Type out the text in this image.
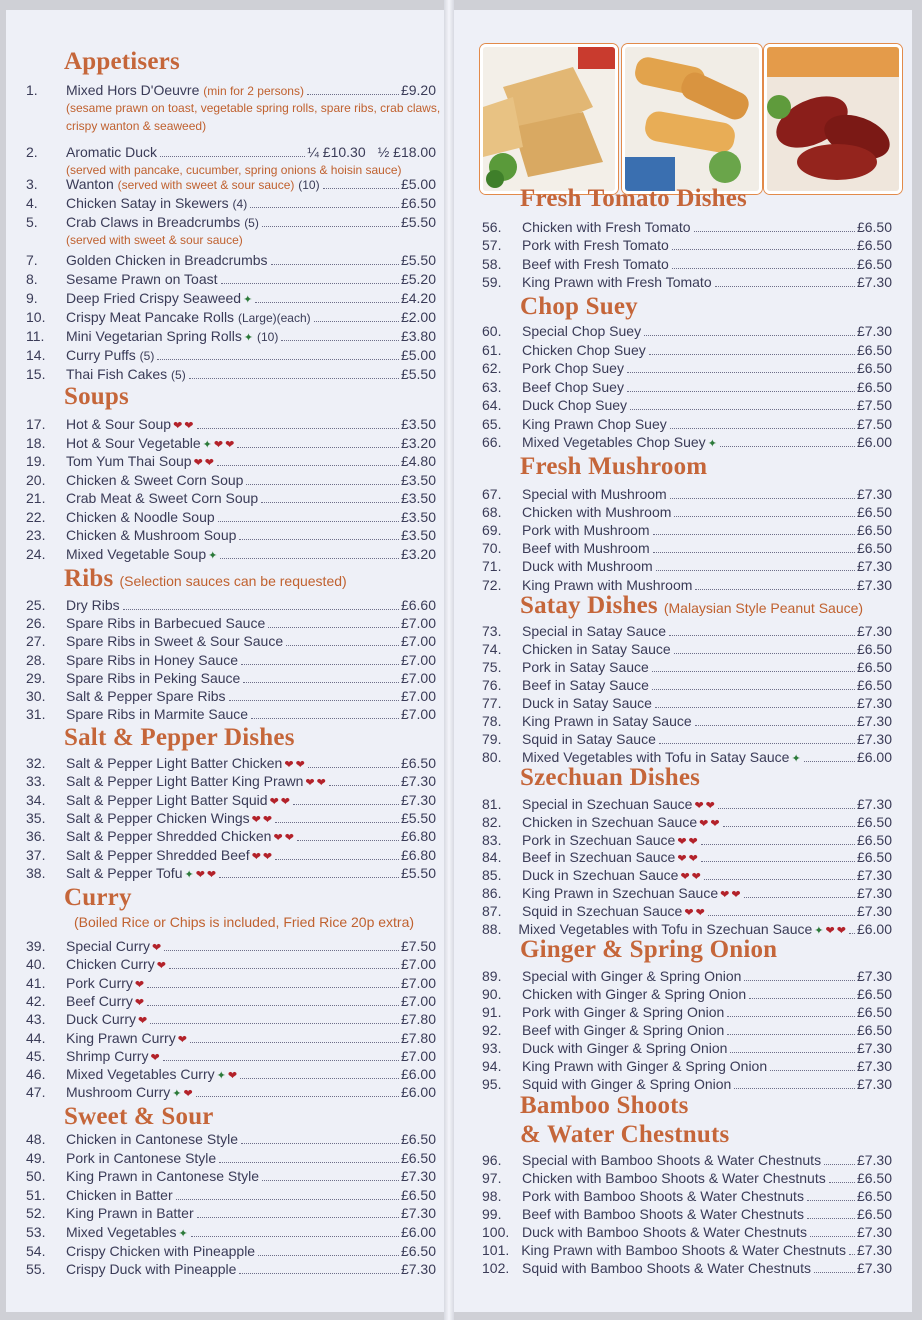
Appetisers
1.	Mixed Hors D'Oeuvre (min for 2 persons)	£9.20
(sesame prawn on toast, vegetable spring rolls, spare ribs, crab claws,
crispy wanton & seaweed)
2.	Aromatic Duck	¼ £10.30 ½ £18.00
(served with pancake, cucumber, spring onions & hoisin sauce)
3.	Wanton (served with sweet & sour sauce) (10)	£5.00
4.	Chicken Satay in Skewers (4)	£6.50
5.	Crab Claws in Breadcrumbs (5)	£5.50
(served with sweet & sour sauce)
7.	Golden Chicken in Breadcrumbs	£5.50
8.	Sesame Prawn on Toast	£5.20
9.	Deep Fried Crispy Seaweed ✦	£4.20
10.	Crispy Meat Pancake Rolls (Large)(each)	£2.00
11.	Mini Vegetarian Spring Rolls ✦ (10)	£3.80
14.	Curry Puffs (5)	£5.00
15.	Thai Fish Cakes (5)	£5.50
Soups
17.	Hot & Sour Soup ❤ ❤	£3.50
18.	Hot & Sour Vegetable ✦ ❤ ❤	£3.20
19.	Tom Yum Thai Soup ❤ ❤	£4.80
20.	Chicken & Sweet Corn Soup	£3.50
21.	Crab Meat & Sweet Corn Soup	£3.50
22.	Chicken & Noodle Soup	£3.50
23.	Chicken & Mushroom Soup	£3.50
24.	Mixed Vegetable Soup ✦	£3.20
Ribs (Selection sauces can be requested)
25.	Dry Ribs	£6.60
26.	Spare Ribs in Barbecued Sauce	£7.00
27.	Spare Ribs in Sweet & Sour Sauce	£7.00
28.	Spare Ribs in Honey Sauce	£7.00
29.	Spare Ribs in Peking Sauce	£7.00
30.	Salt & Pepper Spare Ribs	£7.00
31.	Spare Ribs in Marmite Sauce	£7.00
Salt & Pepper Dishes
32.	Salt & Pepper Light Batter Chicken ❤ ❤	£6.50
33.	Salt & Pepper Light Batter King Prawn ❤ ❤	£7.30
34.	Salt & Pepper Light Batter Squid ❤ ❤	£7.30
35.	Salt & Pepper Chicken Wings ❤ ❤	£5.50
36.	Salt & Pepper Shredded Chicken ❤ ❤	£6.80
37.	Salt & Pepper Shredded Beef ❤ ❤	£6.80
38.	Salt & Pepper Tofu ✦ ❤ ❤	£5.50
Curry
(Boiled Rice or Chips is included, Fried Rice 20p extra)
39.	Special Curry ❤	£7.50
40.	Chicken Curry ❤	£7.00
41.	Pork Curry ❤	£7.00
42.	Beef Curry ❤	£7.00
43.	Duck Curry ❤	£7.80
44.	King Prawn Curry ❤	£7.80
45.	Shrimp Curry ❤	£7.00
46.	Mixed Vegetables Curry ✦ ❤	£6.00
47.	Mushroom Curry ✦ ❤	£6.00
Sweet & Sour
48.	Chicken in Cantonese Style	£6.50
49.	Pork in Cantonese Style	£6.50
50.	King Prawn in Cantonese Style	£7.30
51.	Chicken in Batter	£6.50
52.	King Prawn in Batter	£7.30
53.	Mixed Vegetables ✦	£6.00
54.	Crispy Chicken with Pineapple	£6.50
55.	Crispy Duck with Pineapple	£7.30
Fresh Tomato Dishes
56.	Chicken with Fresh Tomato	£6.50
57.	Pork with Fresh Tomato	£6.50
58.	Beef with Fresh Tomato	£6.50
59.	King Prawn with Fresh Tomato	£7.30
Chop Suey
60.	Special Chop Suey	£7.30
61.	Chicken Chop Suey	£6.50
62.	Pork Chop Suey	£6.50
63.	Beef Chop Suey	£6.50
64.	Duck Chop Suey	£7.50
65.	King Prawn Chop Suey	£7.50
66.	Mixed Vegetables Chop Suey ✦	£6.00
Fresh Mushroom
67.	Special with Mushroom	£7.30
68.	Chicken with Mushroom	£6.50
69.	Pork with Mushroom	£6.50
70.	Beef with Mushroom	£6.50
71.	Duck with Mushroom	£7.30
72.	King Prawn with Mushroom	£7.30
Satay Dishes (Malaysian Style Peanut Sauce)
73.	Special in Satay Sauce	£7.30
74.	Chicken in Satay Sauce	£6.50
75.	Pork in Satay Sauce	£6.50
76.	Beef in Satay Sauce	£6.50
77.	Duck in Satay Sauce	£7.30
78.	King Prawn in Satay Sauce	£7.30
79.	Squid in Satay Sauce	£7.30
80.	Mixed Vegetables with Tofu in Satay Sauce ✦	£6.00
Szechuan Dishes
81.	Special in Szechuan Sauce ❤ ❤	£7.30
82.	Chicken in Szechuan Sauce ❤ ❤	£6.50
83.	Pork in Szechuan Sauce ❤ ❤	£6.50
84.	Beef in Szechuan Sauce ❤ ❤	£6.50
85.	Duck in Szechuan Sauce ❤ ❤	£7.30
86.	King Prawn in Szechuan Sauce ❤ ❤	£7.30
87.	Squid in Szechuan Sauce ❤ ❤	£7.30
88.	Mixed Vegetables with Tofu in Szechuan Sauce ✦ ❤ ❤ £6.00
Ginger & Spring Onion
89.	Special with Ginger & Spring Onion	£7.30
90.	Chicken with Ginger & Spring Onion	£6.50
91.	Pork with Ginger & Spring Onion	£6.50
92.	Beef with Ginger & Spring Onion	£6.50
93.	Duck with Ginger & Spring Onion	£7.30
94.	King Prawn with Ginger & Spring Onion	£7.30
95.	Squid with Ginger & Spring Onion	£7.30
Bamboo Shoots
& Water Chestnuts
96.	Special with Bamboo Shoots & Water Chestnuts	£7.30
97.	Chicken with Bamboo Shoots & Water Chestnuts £6.50
98.	Pork with Bamboo Shoots & Water Chestnuts	£6.50
99.	Beef with Bamboo Shoots & Water Chestnuts	£6.50
100. Duck with Bamboo Shoots & Water Chestnuts	£7.30
101. King Prawn with Bamboo Shoots & Water Chestnuts £7.30
102. Squid with Bamboo Shoots & Water Chestnuts	£7.30
